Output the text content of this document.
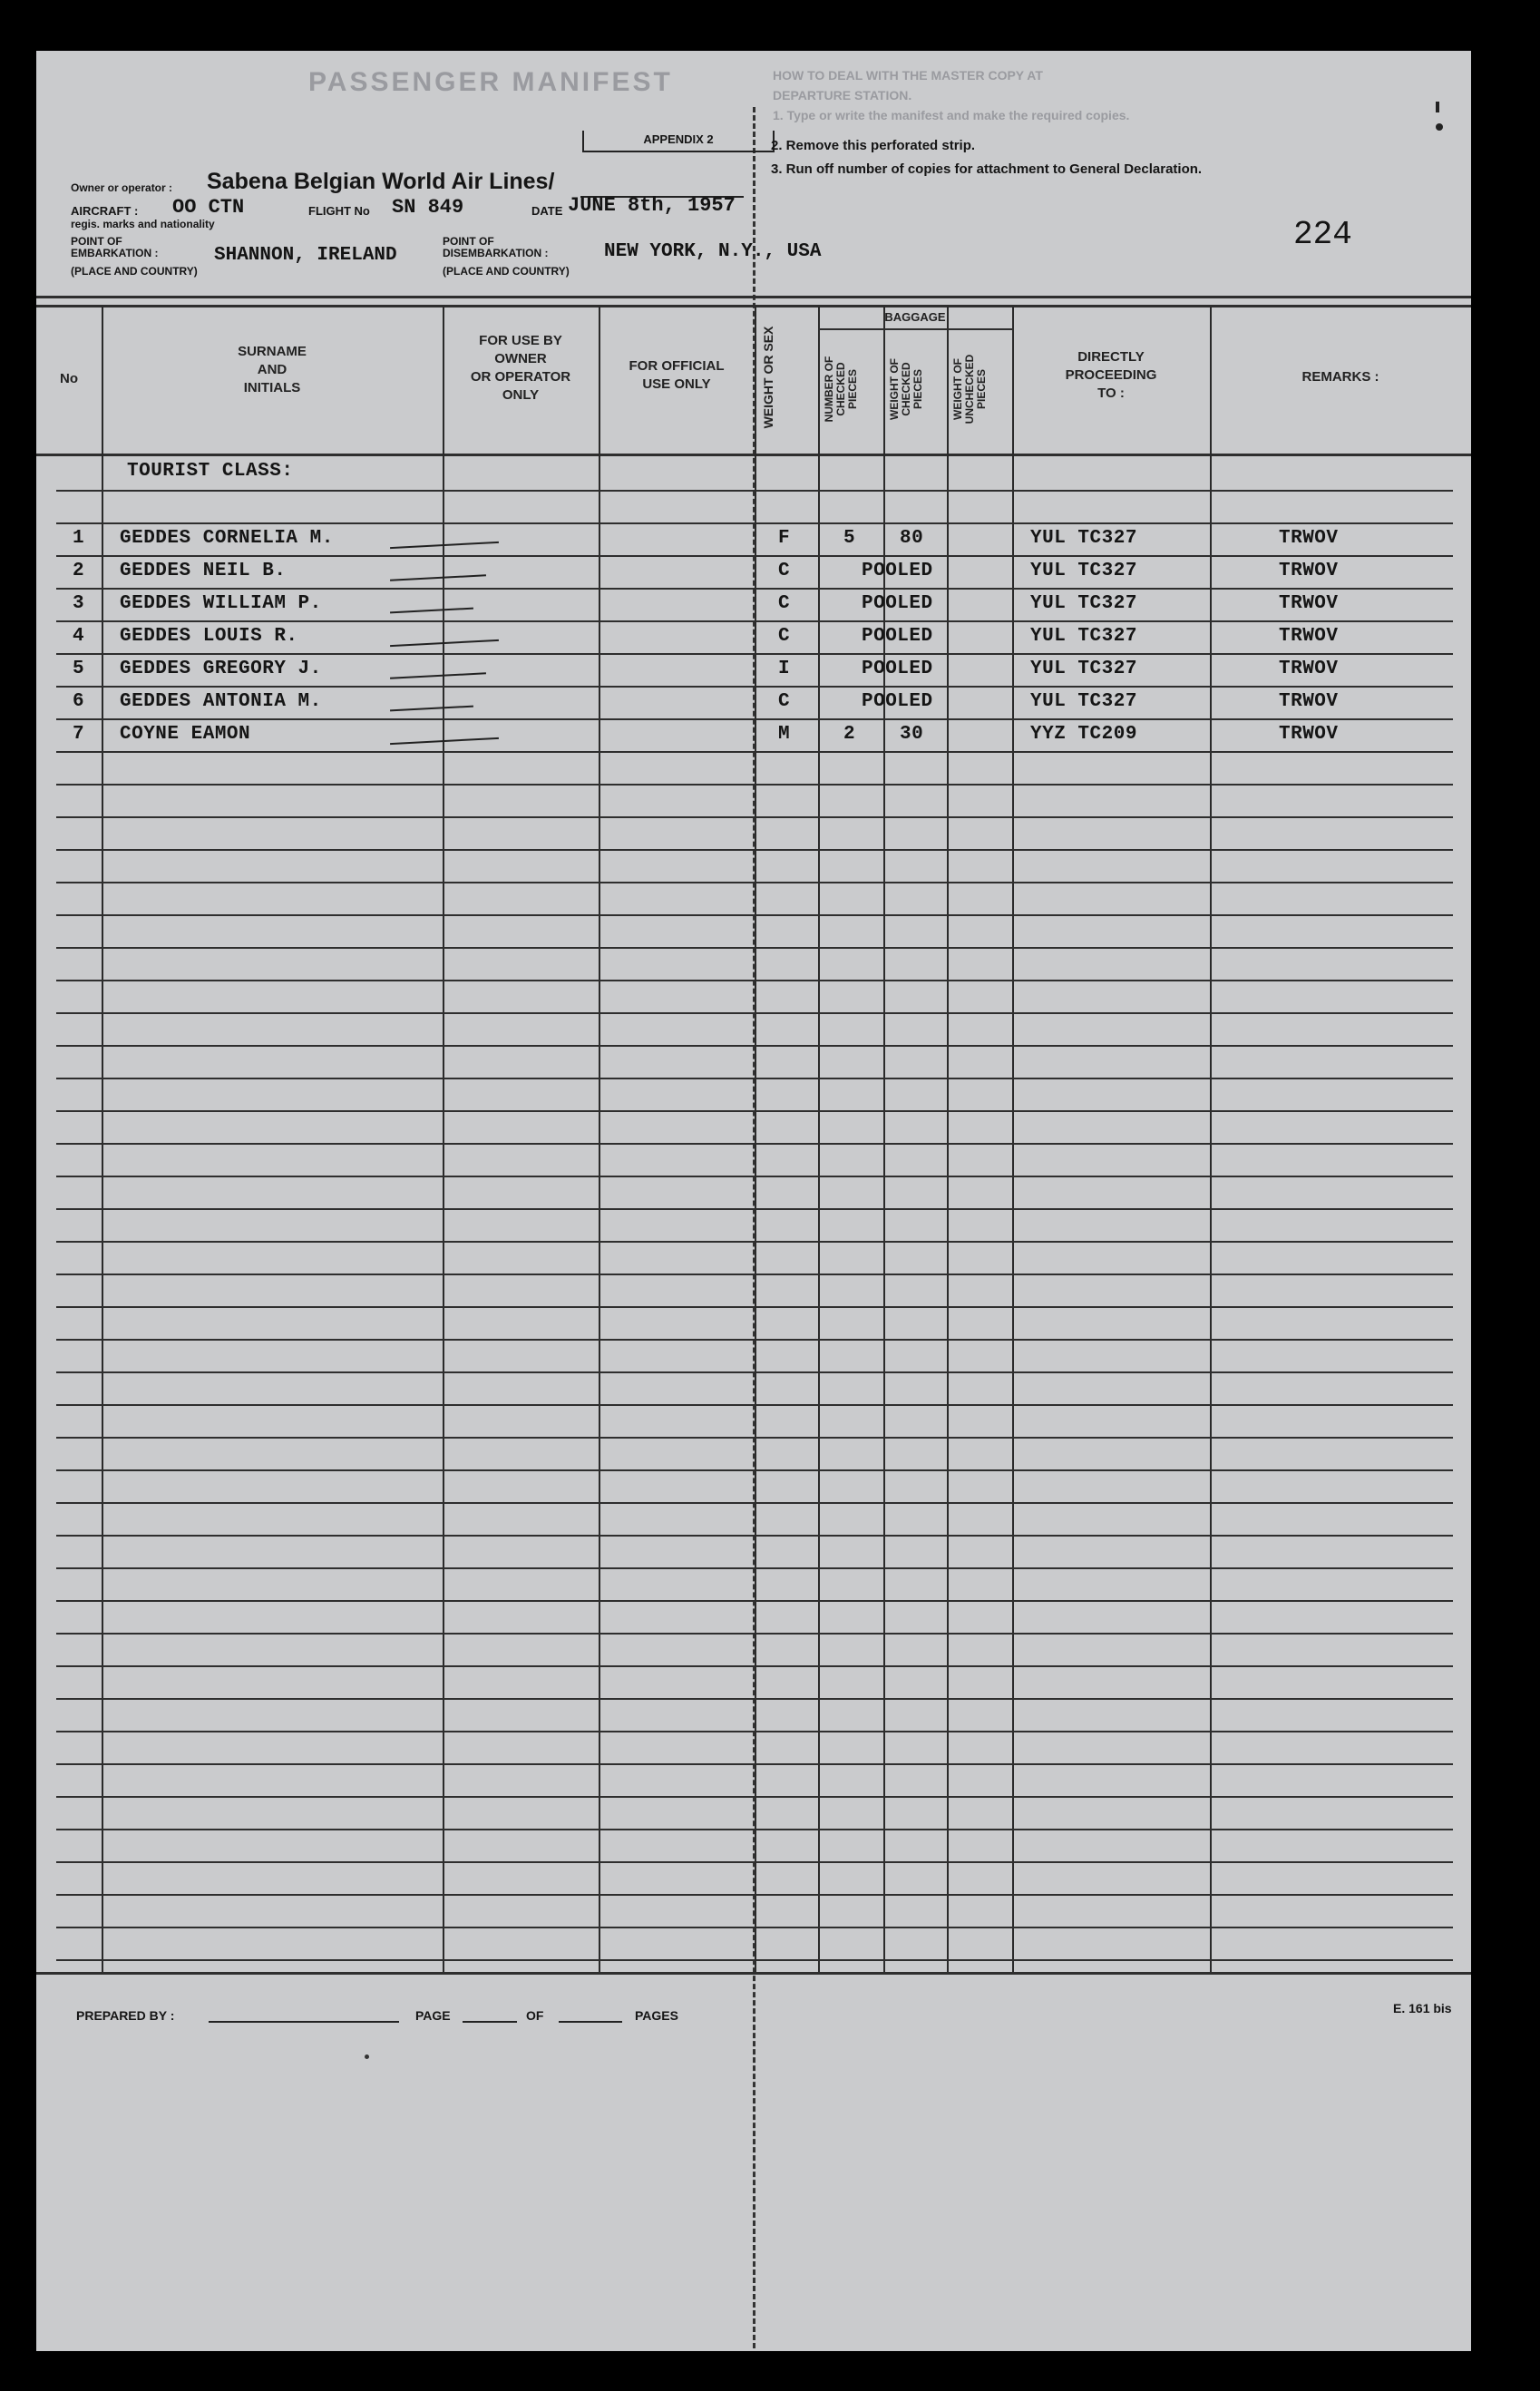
PASSENGER MANIFEST	HOW TO DEAL WITH THE MASTER COPY AT
DEPARTURE STATION.
1. Type or write the manifest and make the required copies.
APPENDIX 2	2. Remove this perforated strip.
3. Run off number of copies for attachment to General Declaration.
Owner or operator : Sabena Belgian World Air Lines/
AIRCRAFT : OO CTN
regis. marks and nationality
FLIGHT No SN 849	DATE JUNE 8th, 1957
POINT OF EMBARKATION :	SHANNON, IRELAND
(PLACE AND COUNTRY)
POINT OF DISEMBARKATION :	NEW YORK, N.Y., USA
(PLACE AND COUNTRY)
224
No
SURNAME
AND
INITIALS
FOR USE BY
OWNER
OR OPERATOR
ONLY
FOR OFFICIAL
USE ONLY	WEIGHT OR SEX
BAGGAGE
NUMBER OF CHECKED PIECES	WEIGHT OF CHECKED PIECES	WEIGHT OF UNCHECKED PIECES
DIRECTLY
PROCEEDING
TO :
REMARKS :
TOURIST CLASS:
1 GEDDES CORNELIA M.	F	5 80	YUL TC327	TRWOV
2 GEDDES NEIL B.	C	POOLED	YUL TC327	TRWOV
3 GEDDES WILLIAM P.	C	POOLED	YUL TC327	TRWOV
4 GEDDES LOUIS R.	C	POOLED	YUL TC327	TRWOV
5 GEDDES GREGORY J.	I	POOLED	YUL TC327	TRWOV
6 GEDDES ANTONIA M.	C	POOLED	YUL TC327	TRWOV
7 COYNE EAMON	M	2 30	YYZ TC209	TRWOV
PREPARED BY :	PAGE	OF	PAGES	E. 161 bis
